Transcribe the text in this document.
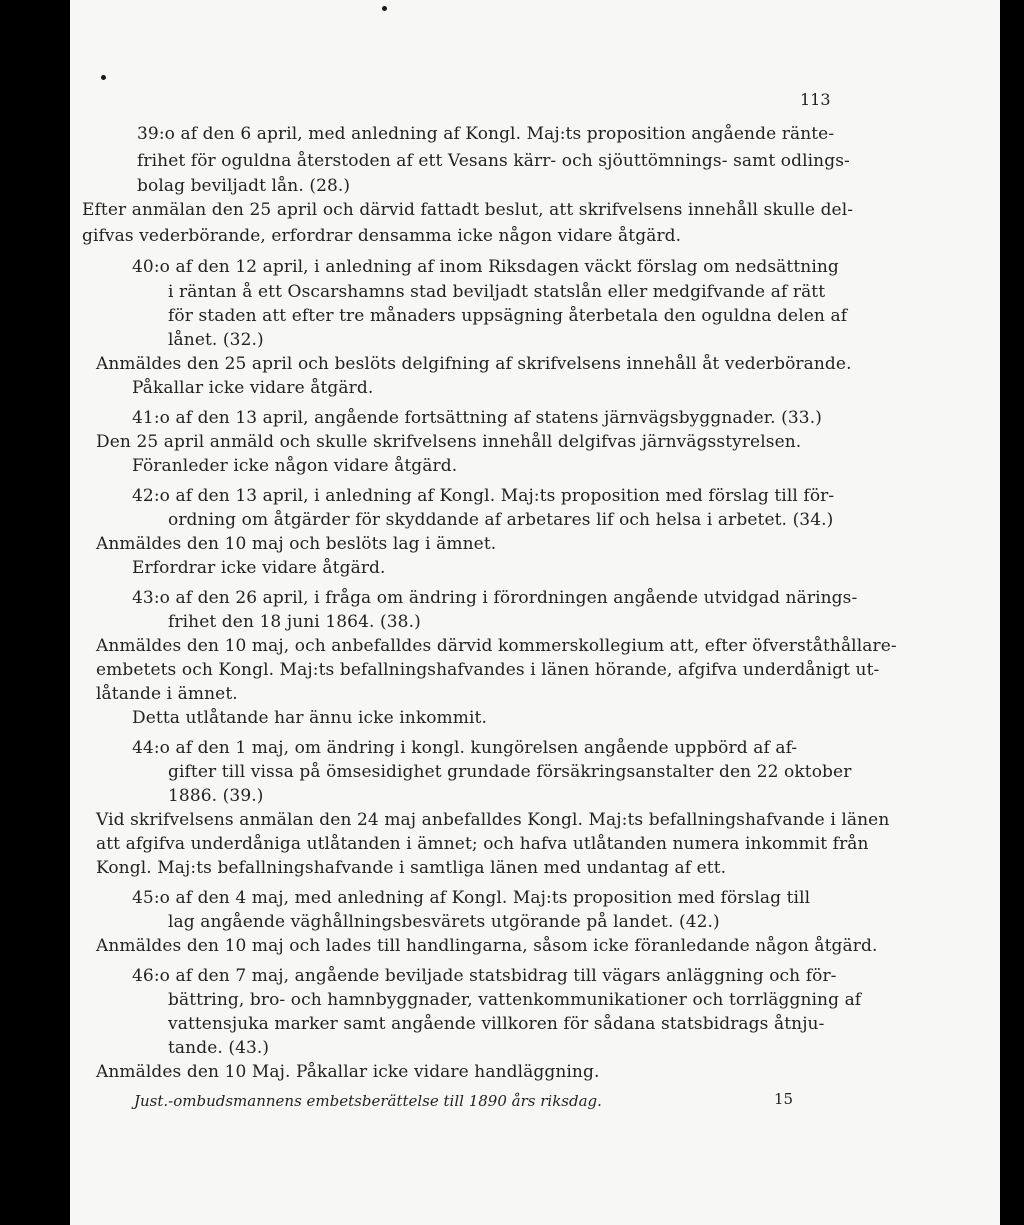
113
39:o af den 6 april, med anledning af Kongl. Maj:ts proposition angående ränte-
frihet för oguldna återstoden af ett Vesans kärr- och sjöuttömnings- samt odlings-
bolag beviljadt lån. (28.)
Efter anmälan den 25 april och därvid fattadt beslut, att skrifvelsens innehåll skulle del-
gifvas vederbörande, erfordrar densamma icke någon vidare åtgärd.
40:o af den 12 april, i anledning af inom Riksdagen väckt förslag om nedsättning
i räntan å ett Oscarshamns stad beviljadt statslån eller medgifvande af rätt
för staden att efter tre månaders uppsägning återbetala den oguldna delen af
lånet. (32.)
Anmäldes den 25 april och beslöts delgifning af skrifvelsens innehåll åt vederbörande.
Påkallar icke vidare åtgärd.
41:o af den 13 april, angående fortsättning af statens järnvägsbyggnader. (33.)
Den 25 april anmäld och skulle skrifvelsens innehåll delgifvas järnvägsstyrelsen.
Föranleder icke någon vidare åtgärd.
42:o af den 13 april, i anledning af Kongl. Maj:ts proposition med förslag till för-
ordning om åtgärder för skyddande af arbetares lif och helsa i arbetet. (34.)
Anmäldes den 10 maj och beslöts lag i ämnet.
Erfordrar icke vidare åtgärd.
43:o af den 26 april, i fråga om ändring i förordningen angående utvidgad närings-
frihet den 18 juni 1864. (38.)
Anmäldes den 10 maj, och anbefalldes därvid kommerskollegium att, efter öfverståthållare-
embetets och Kongl. Maj:ts befallningshafvandes i länen hörande, afgifva underdånigt ut-
låtande i ämnet.
Detta utlåtande har ännu icke inkommit.
44:o af den 1 maj, om ändring i kongl. kungörelsen angående uppbörd af af-
gifter till vissa på ömsesidighet grundade försäkringsanstalter den 22 oktober
1886. (39.)
Vid skrifvelsens anmälan den 24 maj anbefalldes Kongl. Maj:ts befallningshafvande i länen
att afgifva underdåniga utlåtanden i ämnet; och hafva utlåtanden numera inkommit från
Kongl. Maj:ts befallningshafvande i samtliga länen med undantag af ett.
45:o af den 4 maj, med anledning af Kongl. Maj:ts proposition med förslag till
lag angående väghållningsbesvärets utgörande på landet. (42.)
Anmäldes den 10 maj och lades till handlingarna, såsom icke föranledande någon åtgärd.
46:o af den 7 maj, angående beviljade statsbidrag till vägars anläggning och för-
bättring, bro- och hamnbyggnader, vattenkommunikationer och torrläggning af
vattensjuka marker samt angående villkoren för sådana statsbidrags åtnju-
tande. (43.)
Anmäldes den 10 Maj. Påkallar icke vidare handläggning.
Just.-ombudsmannens embetsberättelse till 1890 års riksdag.	15
